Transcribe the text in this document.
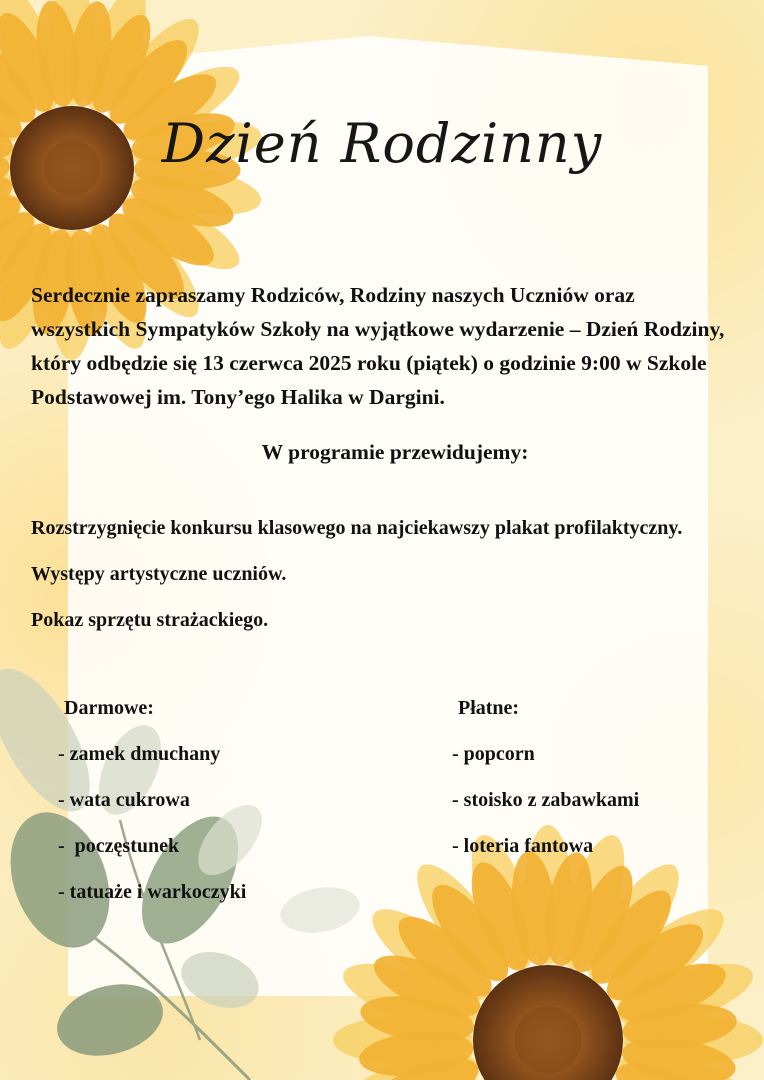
Dzień Rodzinny

Serdecznie zapraszamy Rodziców, Rodziny naszych Uczniów oraz wszystkich Sympatyków Szkoły na wyjątkowe wydarzenie – Dzień Rodziny, który odbędzie się 13 czerwca 2025 roku (piątek) o godzinie 9:00 w Szkole Podstawowej im. Tony’ego Halika w Dargini.

W programie przewidujemy:

Rozstrzygnięcie konkursu klasowego na najciekawszy plakat profilaktyczny.
Występy artystyczne uczniów.
Pokaz sprzętu strażackiego.
Darmowe:
- zamek dmuchany
- wata cukrowa
-  poczęstunek
- tatuaże i warkoczyki
Płatne:
- popcorn
- stoisko z zabawkami
- loteria fantowa
